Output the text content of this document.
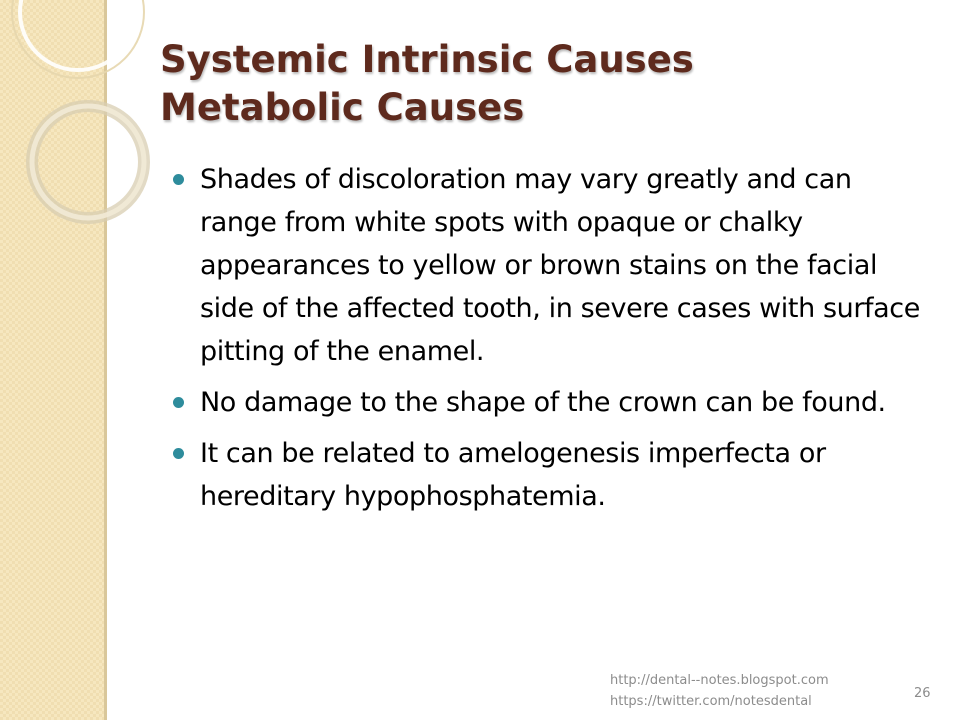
Systemic Intrinsic Causes
Metabolic Causes
Shades of discoloration may vary greatly and can range from white spots with opaque or chalky appearances to yellow or brown stains on the facial side of the affected tooth, in severe cases with surface pitting of the enamel.
No damage to the shape of the crown can be found.
It can be related to amelogenesis imperfecta or hereditary hypophosphatemia.
http://dental--notes.blogspot.com
https://twitter.com/notesdental
26
